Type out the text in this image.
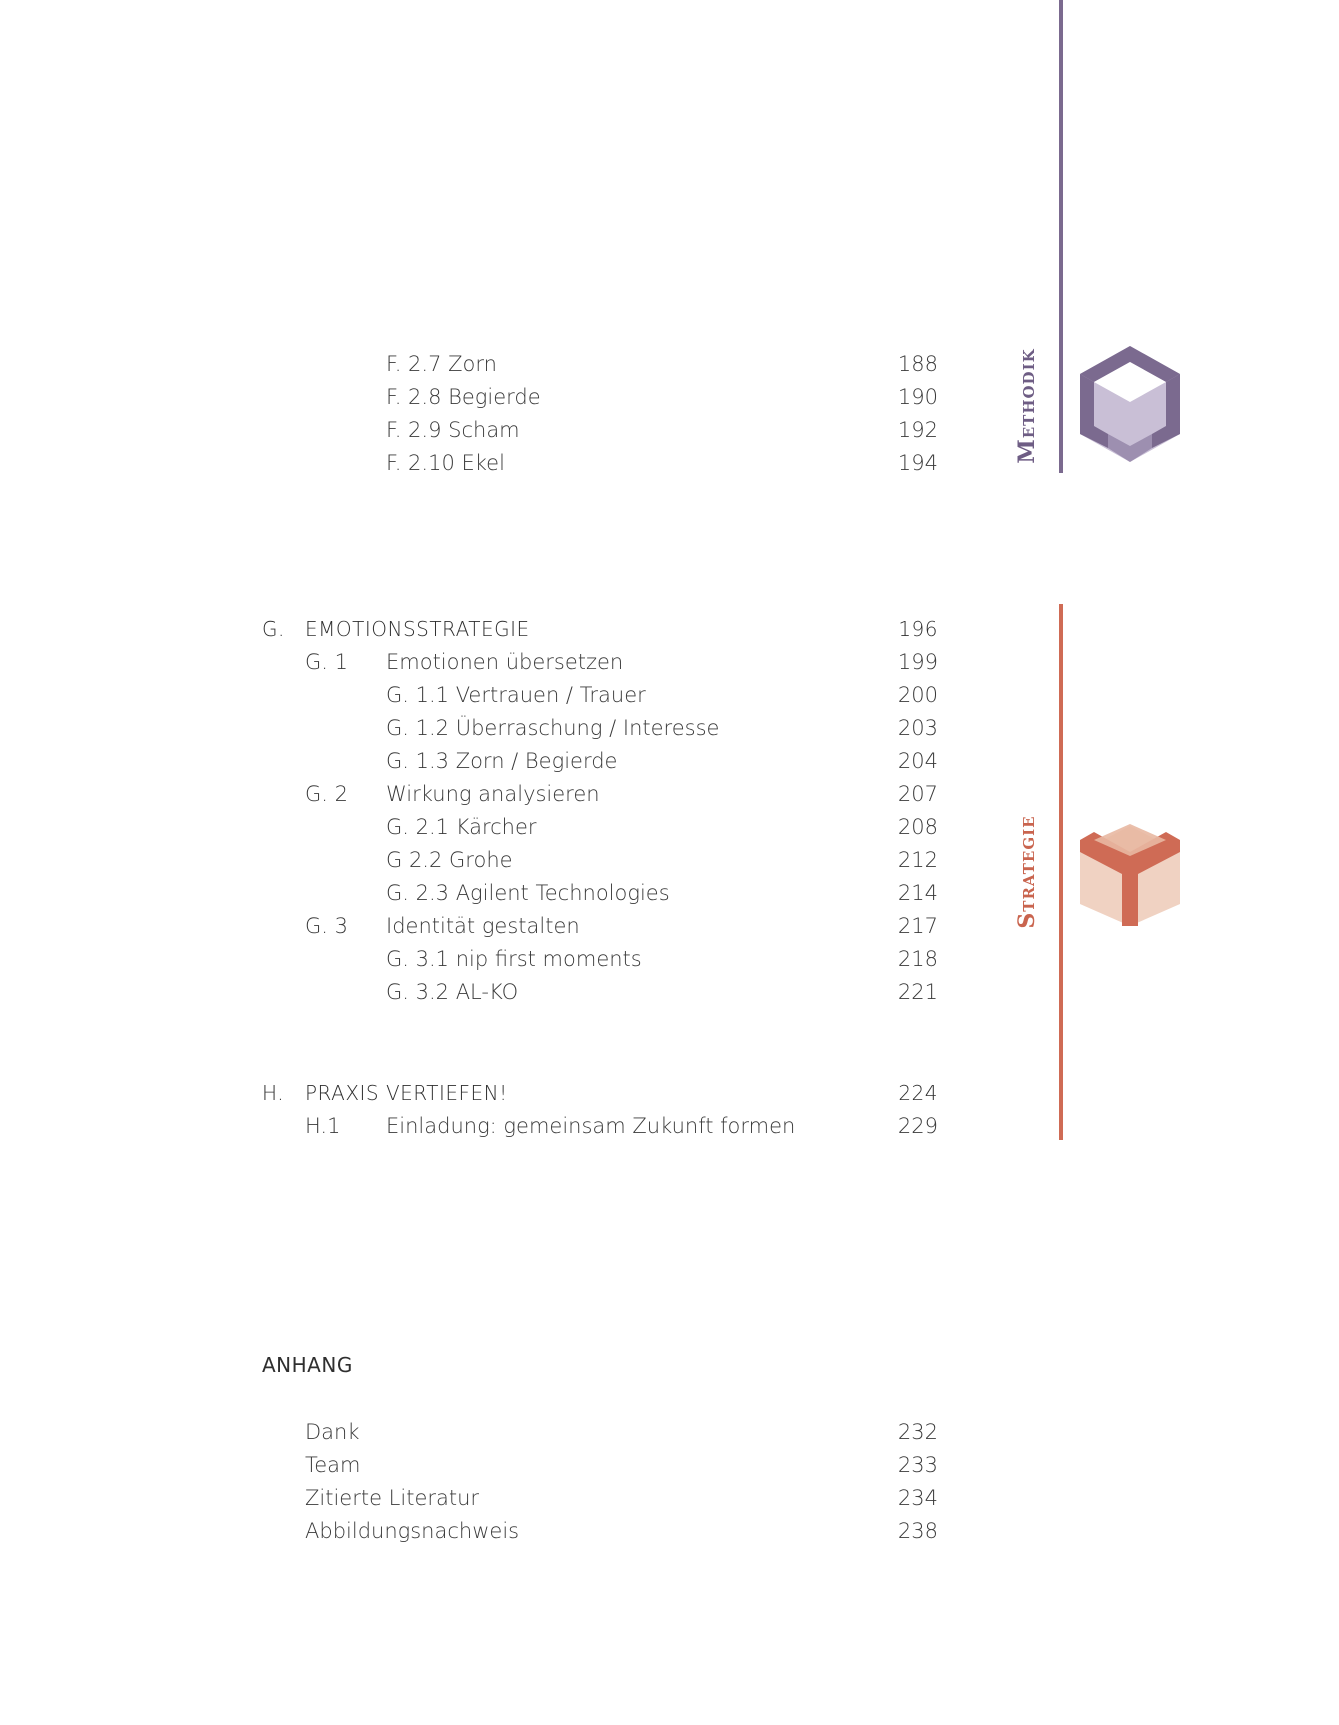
F. 2.7 Zorn	188
F. 2.8 Begierde	190
F. 2.9 Scham	192
F. 2.10 Ekel	194
G. EMOTIONSSTRATEGIE	196
G. 1 Emotionen übersetzen	199
G. 1.1 Vertrauen / Trauer	200
G. 1.2 Überraschung / Interesse	203
G. 1.3 Zorn / Begierde	204
G. 2 Wirkung analysieren	207
G. 2.1 Kärcher	208
G 2.2 Grohe	212
G. 2.3 Agilent Technologies	214
G. 3 Identität gestalten	217
G. 3.1 nip first moments	218
G. 3.2 AL-KO	221
H. PRAXIS VERTIEFEN!	224
H.1 Einladung: gemeinsam Zukunft formen	229
ANHANG
Dank	232
Team	233
Zitierte Literatur	234
Abbildungsnachweis	238
Methodik
Strategie
